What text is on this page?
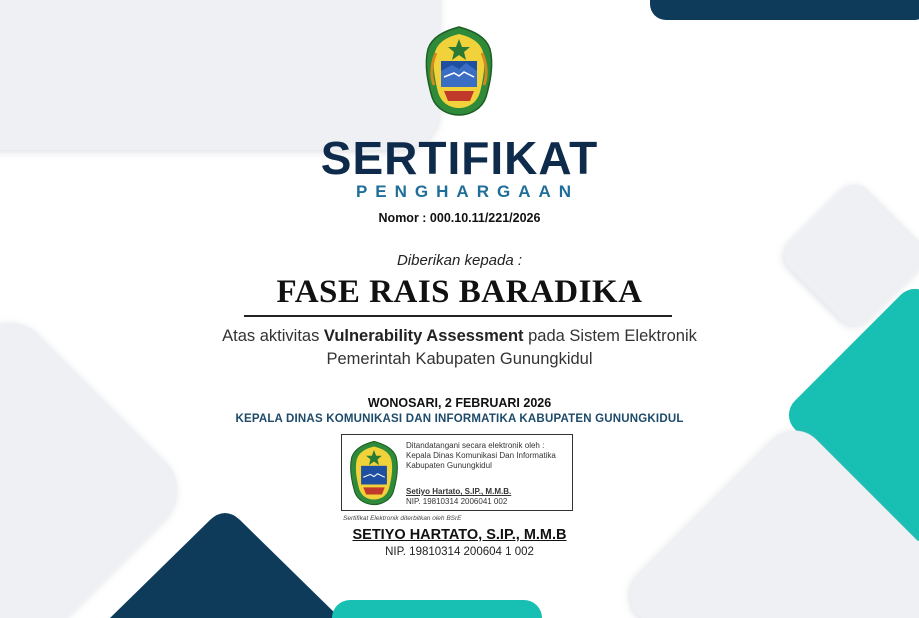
SERTIFIKAT
PENGHARGAAN
Nomor : 000.10.11/221/2026
Diberikan kepada :
FASE RAIS BARADIKA
Atas aktivitas Vulnerability Assessment pada Sistem Elektronik
Pemerintah Kabupaten Gunungkidul
WONOSARI, 2 FEBRUARI 2026
KEPALA DINAS KOMUNIKASI DAN INFORMATIKA KABUPATEN GUNUNGKIDUL
Ditandatangani secara elektronik oleh :
Kepala Dinas Komunikasi Dan Informatika
Kabupaten Gunungkidul
Setiyo Hartato, S.IP., M.M.B.
NIP. 19810314 2006041 002
Sertifikat Elektronik diterbitkan oleh BSrE
SETIYO HARTATO, S.IP., M.M.B
NIP. 19810314 200604 1 002
